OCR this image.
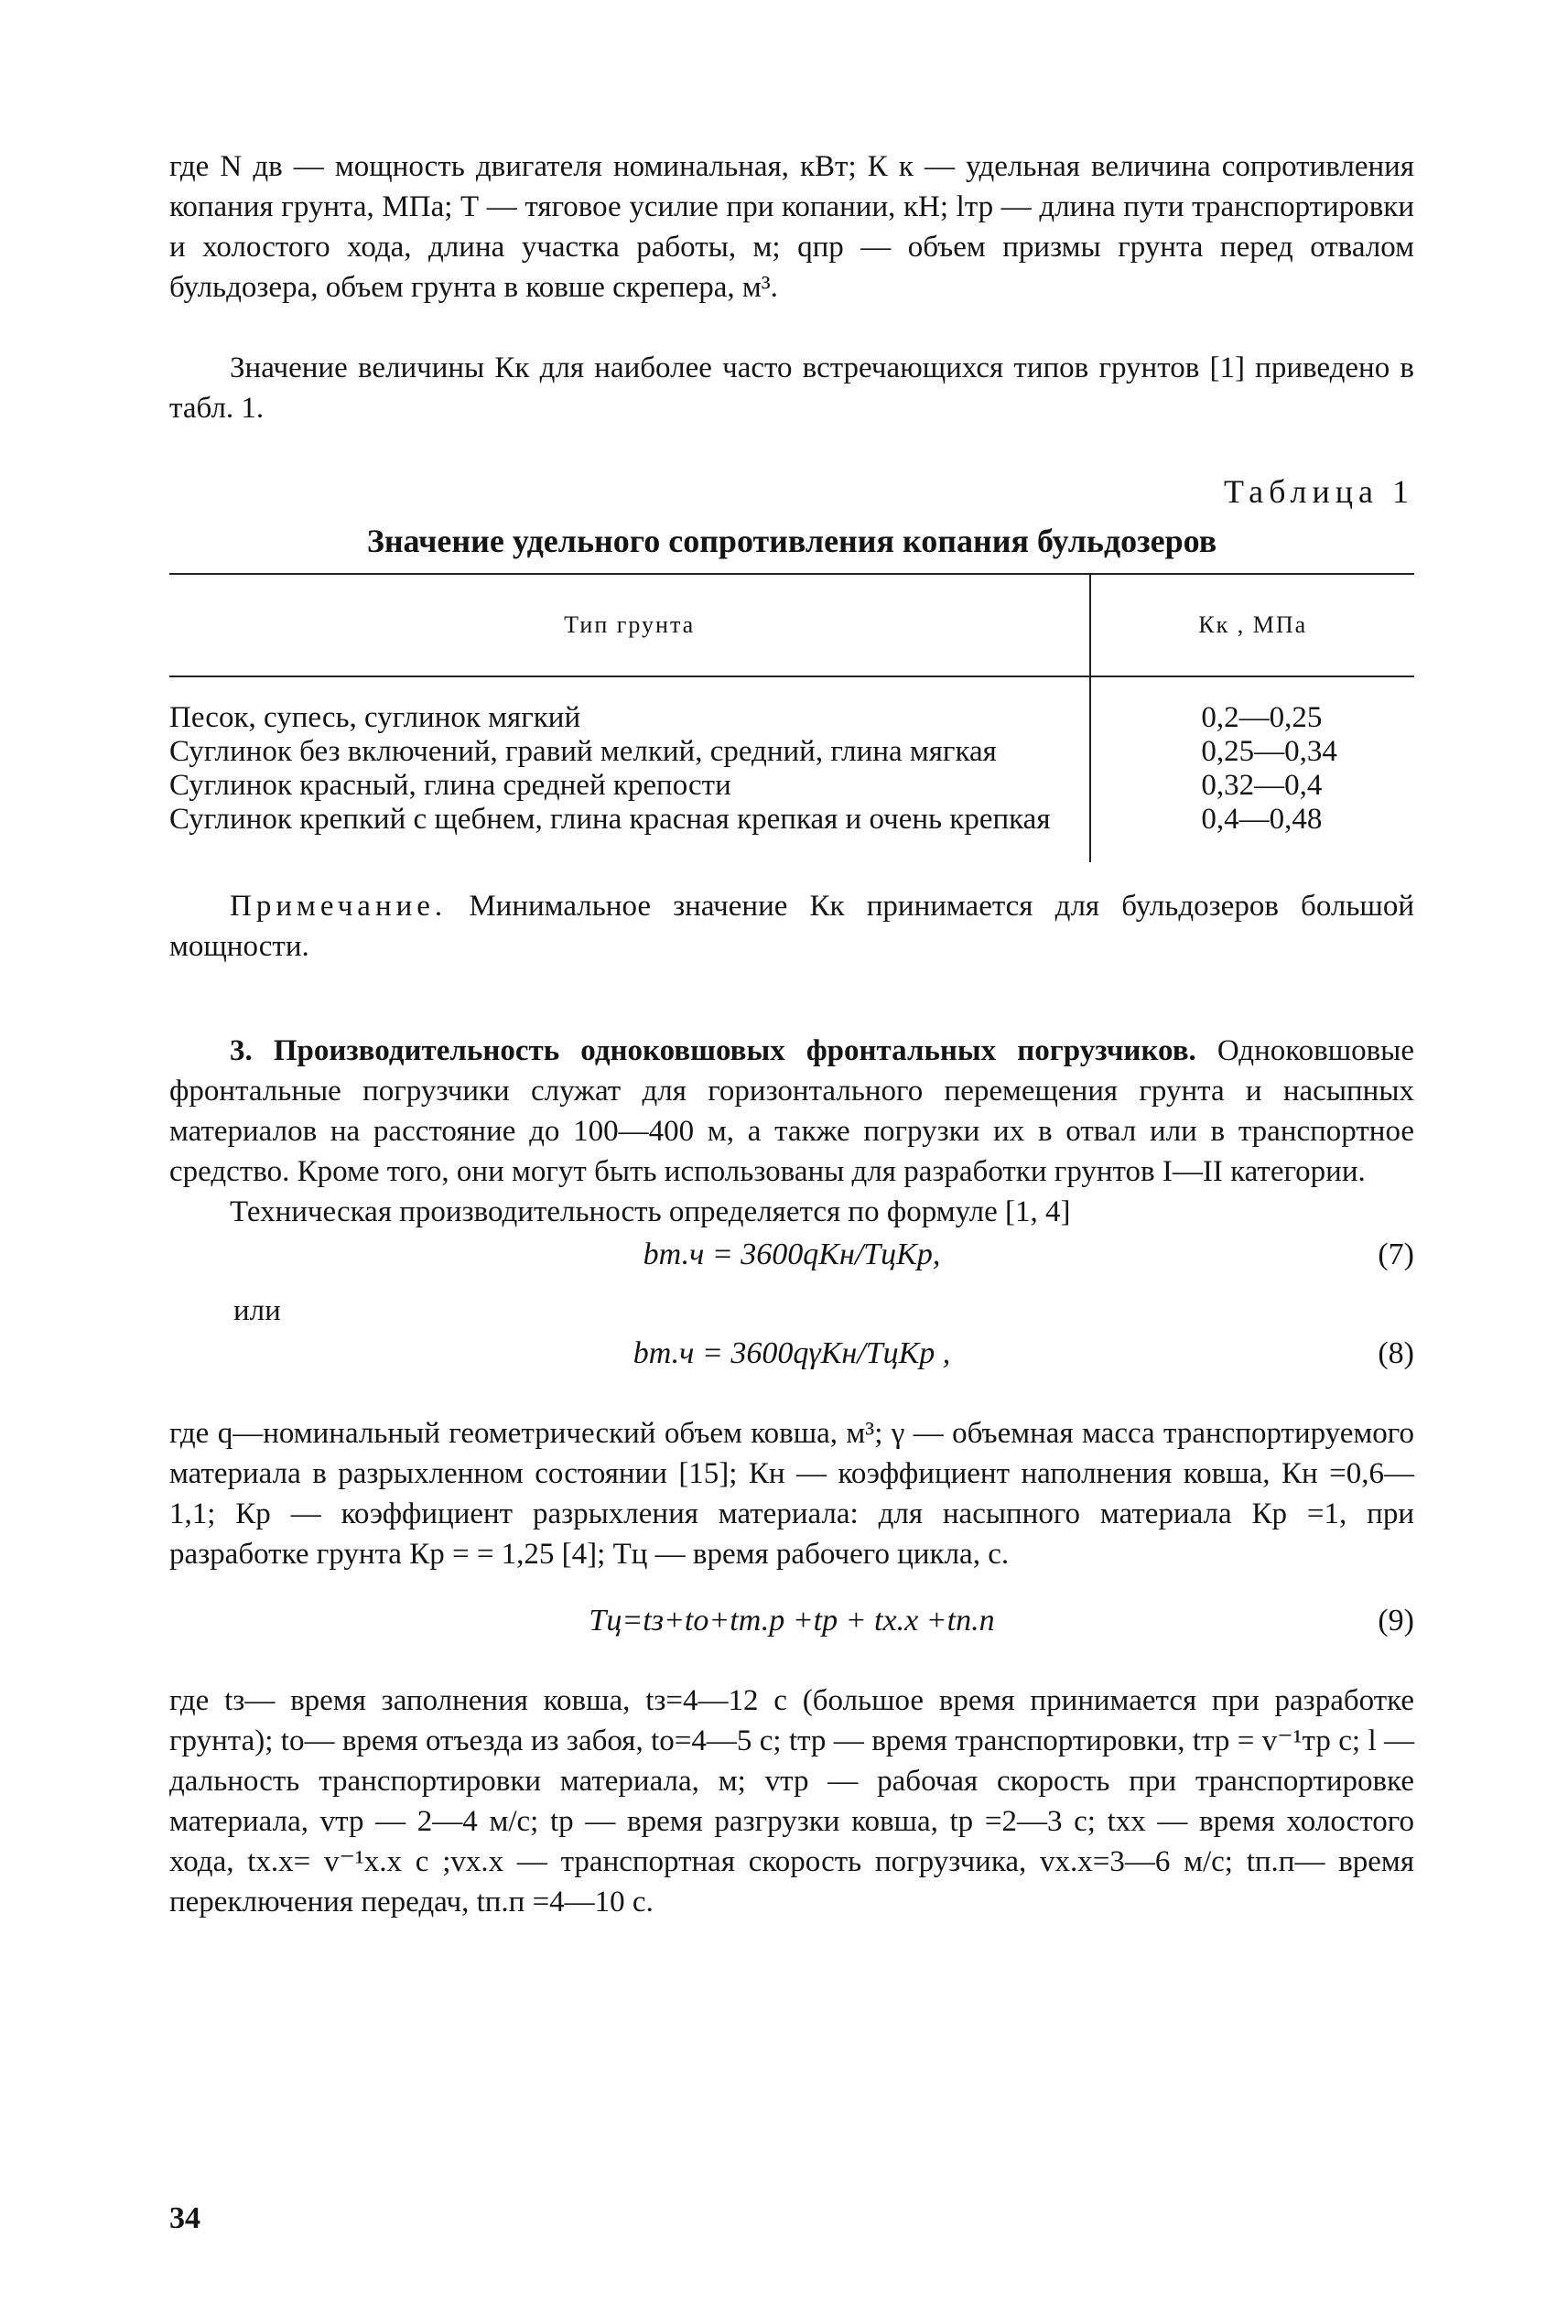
где N дв — мощность двигателя номинальная, кВт; К к — удельная величина сопротивления копания грунта, МПа; Т — тяговое усилие при копании, кН; lтр — длина пути транспортировки и холостого хода, длина участка работы, м; qпр — объем призмы грунта перед отвалом бульдозера, объем грунта в ковше скрепера, м³.

Значение величины Кк для наиболее часто встречающихся типов грунтов [1] приведено в табл. 1.

Таблица 1
Значение удельного сопротивления копания бульдозеров
Тип грунта	Кк , МПа
Песок, супесь, суглинок мягкий	0,2—0,25
Суглинок без включений, гравий мелкий, средний, глина мягкая	0,25—0,34
Суглинок красный, глина средней крепости	0,32—0,4
Суглинок крепкий с щебнем, глина красная крепкая и очень крепкая	0,4—0,48

Примечание. Минимальное значение Кк принимается для бульдозеров большой мощности.

3. Производительность одноковшовых фронтальных погрузчиков. Одноковшовые фронтальные погрузчики служат для горизонтального перемещения грунта и насыпных материалов на расстояние до 100—400 м, а также погрузки их в отвал или в транспортное средство. Кроме того, они могут быть использованы для разработки грунтов I—II категории.

Техническая производительность определяется по формуле [1, 4]

bт.ч = 3600qKн/TцKр,	(7)
или
bт.ч = 3600qγKн/TцKр ,	(8)

где q—номинальный геометрический объем ковша, м³; γ — объемная масса транспортируемого материала в разрыхленном состоянии [15]; Кн — коэффициент наполнения ковша, Кн =0,6—1,1; Кр — коэффициент разрыхления материала: для насыпного материала Кр =1, при разработке грунта Кр = = 1,25 [4]; Тц — время рабочего цикла, с.

Tц=tз+tо+tт.р +tр + tх.х +tп.п	(9)

где tз— время заполнения ковша, tз=4—12 с (большое время принимается при разработке грунта); tо— время отъезда из забоя, tо=4—5 с; tтр — время транспортировки, tтр = v⁻¹тр с; l — дальность транспортировки материала, м; vтр — рабочая скорость при транспортировке материала, vтр — 2—4 м/с; tр — время разгрузки ковша, tр =2—3 с; tхх — время холостого хода, tх.х= v⁻¹х.х с ;vх.х — транспортная скорость погрузчика, vх.х=3—6 м/с; tп.п— время переключения передач, tп.п =4—10 с.

34
